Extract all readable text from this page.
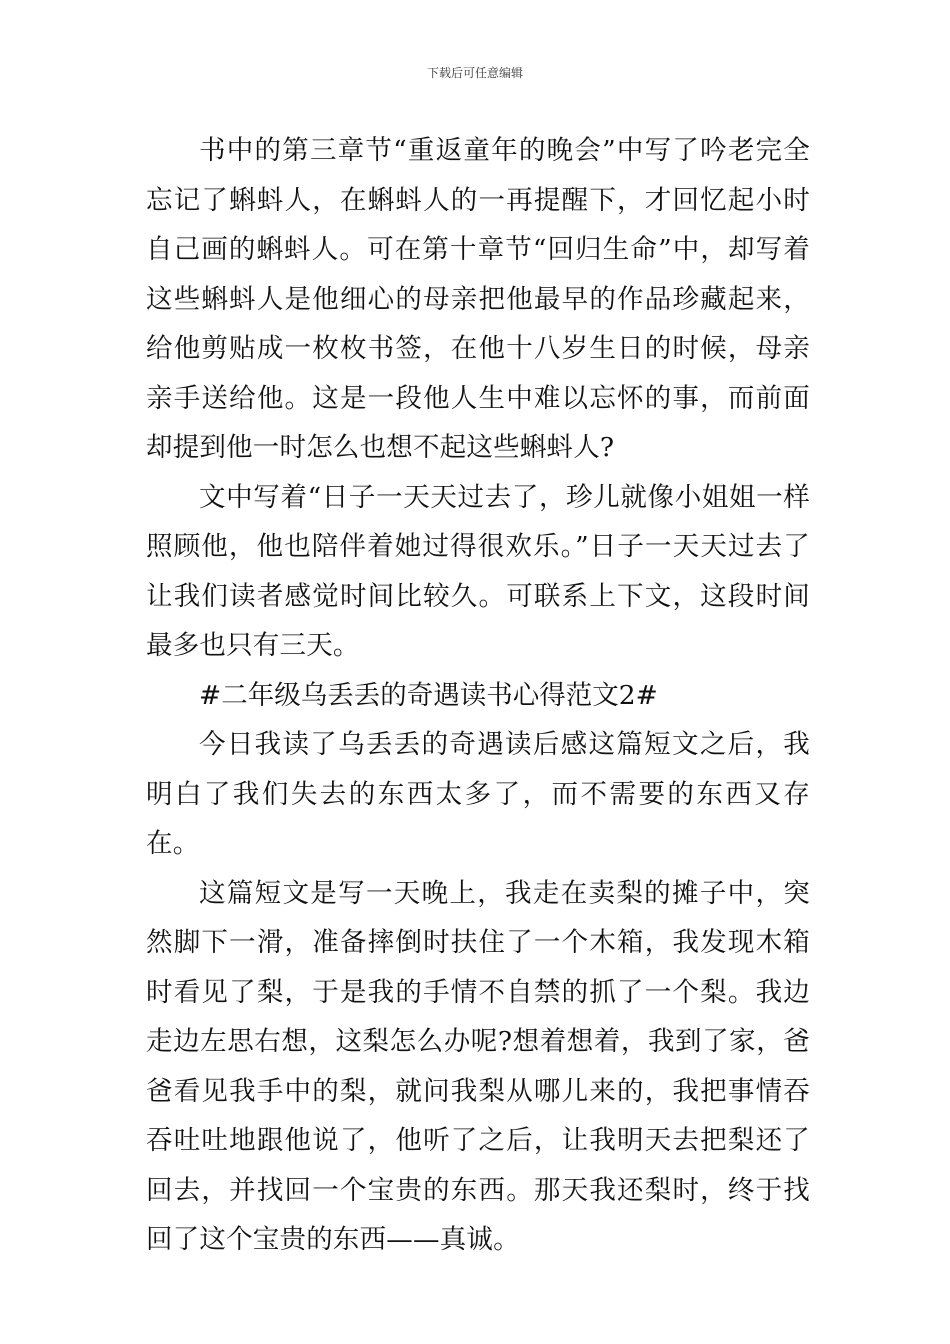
下载后可任意编辑

书中的第三章节“重返童年的晚会”中写了吟老完全忘记了蝌蚪人，在蝌蚪人的一再提醒下，才回忆起小时自己画的蝌蚪人。可在第十章节“回归生命”中，却写着这些蝌蚪人是他细心的母亲把他最早的作品珍藏起来，给他剪贴成一枚枚书签，在他十八岁生日的时候，母亲亲手送给他。这是一段他人生中难以忘怀的事，而前面却提到他一时怎么也想不起这些蝌蚪人?

文中写着“日子一天天过去了，珍儿就像小姐姐一样照顾他，他也陪伴着她过得很欢乐。”日子一天天过去了让我们读者感觉时间比较久。可联系上下文，这段时间最多也只有三天。

#二年级乌丢丢的奇遇读书心得范文2#

今日我读了乌丢丢的奇遇读后感这篇短文之后，我明白了我们失去的东西太多了，而不需要的东西又存在。

这篇短文是写一天晚上，我走在卖梨的摊子中，突然脚下一滑，准备摔倒时扶住了一个木箱，我发现木箱时看见了梨，于是我的手情不自禁的抓了一个梨。我边走边左思右想，这梨怎么办呢?想着想着，我到了家，爸爸看见我手中的梨，就问我梨从哪儿来的，我把事情吞吞吐吐地跟他说了，他听了之后，让我明天去把梨还了回去，并找回一个宝贵的东西。那天我还梨时，终于找回了这个宝贵的东西——真诚。
